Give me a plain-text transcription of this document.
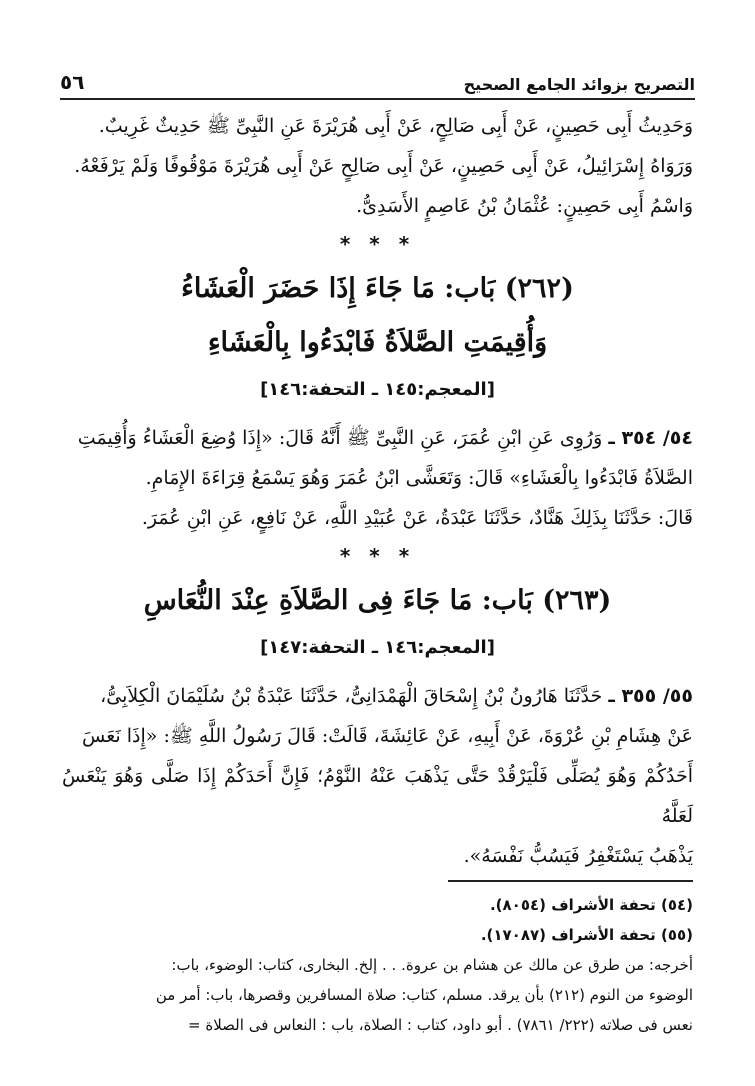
التصريح بزوائد الجامع الصحيح
٥٦

وَحَدِيثُ أَبِى حَصِينٍ، عَنْ أَبِى صَالِحٍ، عَنْ أَبِى هُرَيْرَةَ عَنِ النَّبِىِّ ﷺ حَدِيثٌ غَرِيبٌ.

وَرَوَاهُ إِسْرَائِيلُ، عَنْ أَبِى حَصِينٍ، عَنْ أَبِى صَالِحٍ عَنْ أَبِى هُرَيْرَةَ مَوْقُوفًا وَلَمْ يَرْفَعْهُ.

وَاسْمُ أَبِى حَصِينٍ: عُثْمَانُ بْنُ عَاصِمٍ الأَسَدِىُّ.

* * *
(٢٦٢) بَاب: مَا جَاءَ إِذَا حَضَرَ الْعَشَاءُ
وَأُقِيمَتِ الصَّلاَةُ فَابْدَءُوا بِالْعَشَاءِ
[المعجم:١٤٥ ـ التحفة:١٤٦]

٥٤/ ٣٥٤ ـ وَرُوِى عَنِ ابْنِ عُمَرَ، عَنِ النَّبِىِّ ﷺ أَنَّهُ قَالَ: «إِذَا وُضِعَ الْعَشَاءُ وَأُقِيمَتِ

الصَّلاَةُ فَابْدَءُوا بِالْعَشَاءِ» قَالَ: وَتَعَشَّى ابْنُ عُمَرَ وَهُوَ يَسْمَعُ قِرَاءَةَ الإِمَامِ.

قَالَ: حَدَّثَنَا بِذَلِكَ هَنَّادٌ، حَدَّثَنَا عَبْدَةُ، عَنْ عُبَيْدِ اللَّهِ، عَنْ نَافِعٍ، عَنِ ابْنِ عُمَرَ.

* * *
(٢٦٣) بَاب: مَا جَاءَ فِى الصَّلاَةِ عِنْدَ النُّعَاسِ
[المعجم:١٤٦ ـ التحفة:١٤٧]

٥٥/ ٣٥٥ ـ حَدَّثَنَا هَارُونُ بْنُ إِسْحَاقَ الْهَمْدَانِىُّ، حَدَّثَنَا عَبْدَةُ بْنُ سُلَيْمَانَ الْكِلاَبِىُّ،

عَنْ هِشَامِ بْنِ عُرْوَةَ، عَنْ أَبِيهِ، عَنْ عَائِشَةَ، قَالَتْ: قَالَ رَسُولُ اللَّهِ ﷺ: «إِذَا نَعَسَ

أَحَدُكُمْ وَهُوَ يُصَلِّى فَلْيَرْقُدْ حَتَّى يَذْهَبَ عَنْهُ النَّوْمُ؛ فَإِنَّ أَحَدَكُمْ إِذَا صَلَّى وَهُوَ يَنْعَسُ لَعَلَّهُ

يَذْهَبُ يَسْتَغْفِرُ فَيَسُبُّ نَفْسَهُ».

(٥٤) تحفة الأشراف (٨٠٥٤).
(٥٥) تحفة الأشراف (١٧٠٨٧).
أخرجه: من طرق عن مالك عن هشام بن عروة. . . إلخ. البخارى، كتاب: الوضوء، باب:
الوضوء من النوم (٢١٢) بأن يرقد. مسلم، كتاب: صلاة المسافرين وقصرها، باب: أمر من
نعس فى صلاته (٢٢٢/ ٧٨٦١) . أبو داود، كتاب : الصلاة، باب : النعاس فى الصلاة =
